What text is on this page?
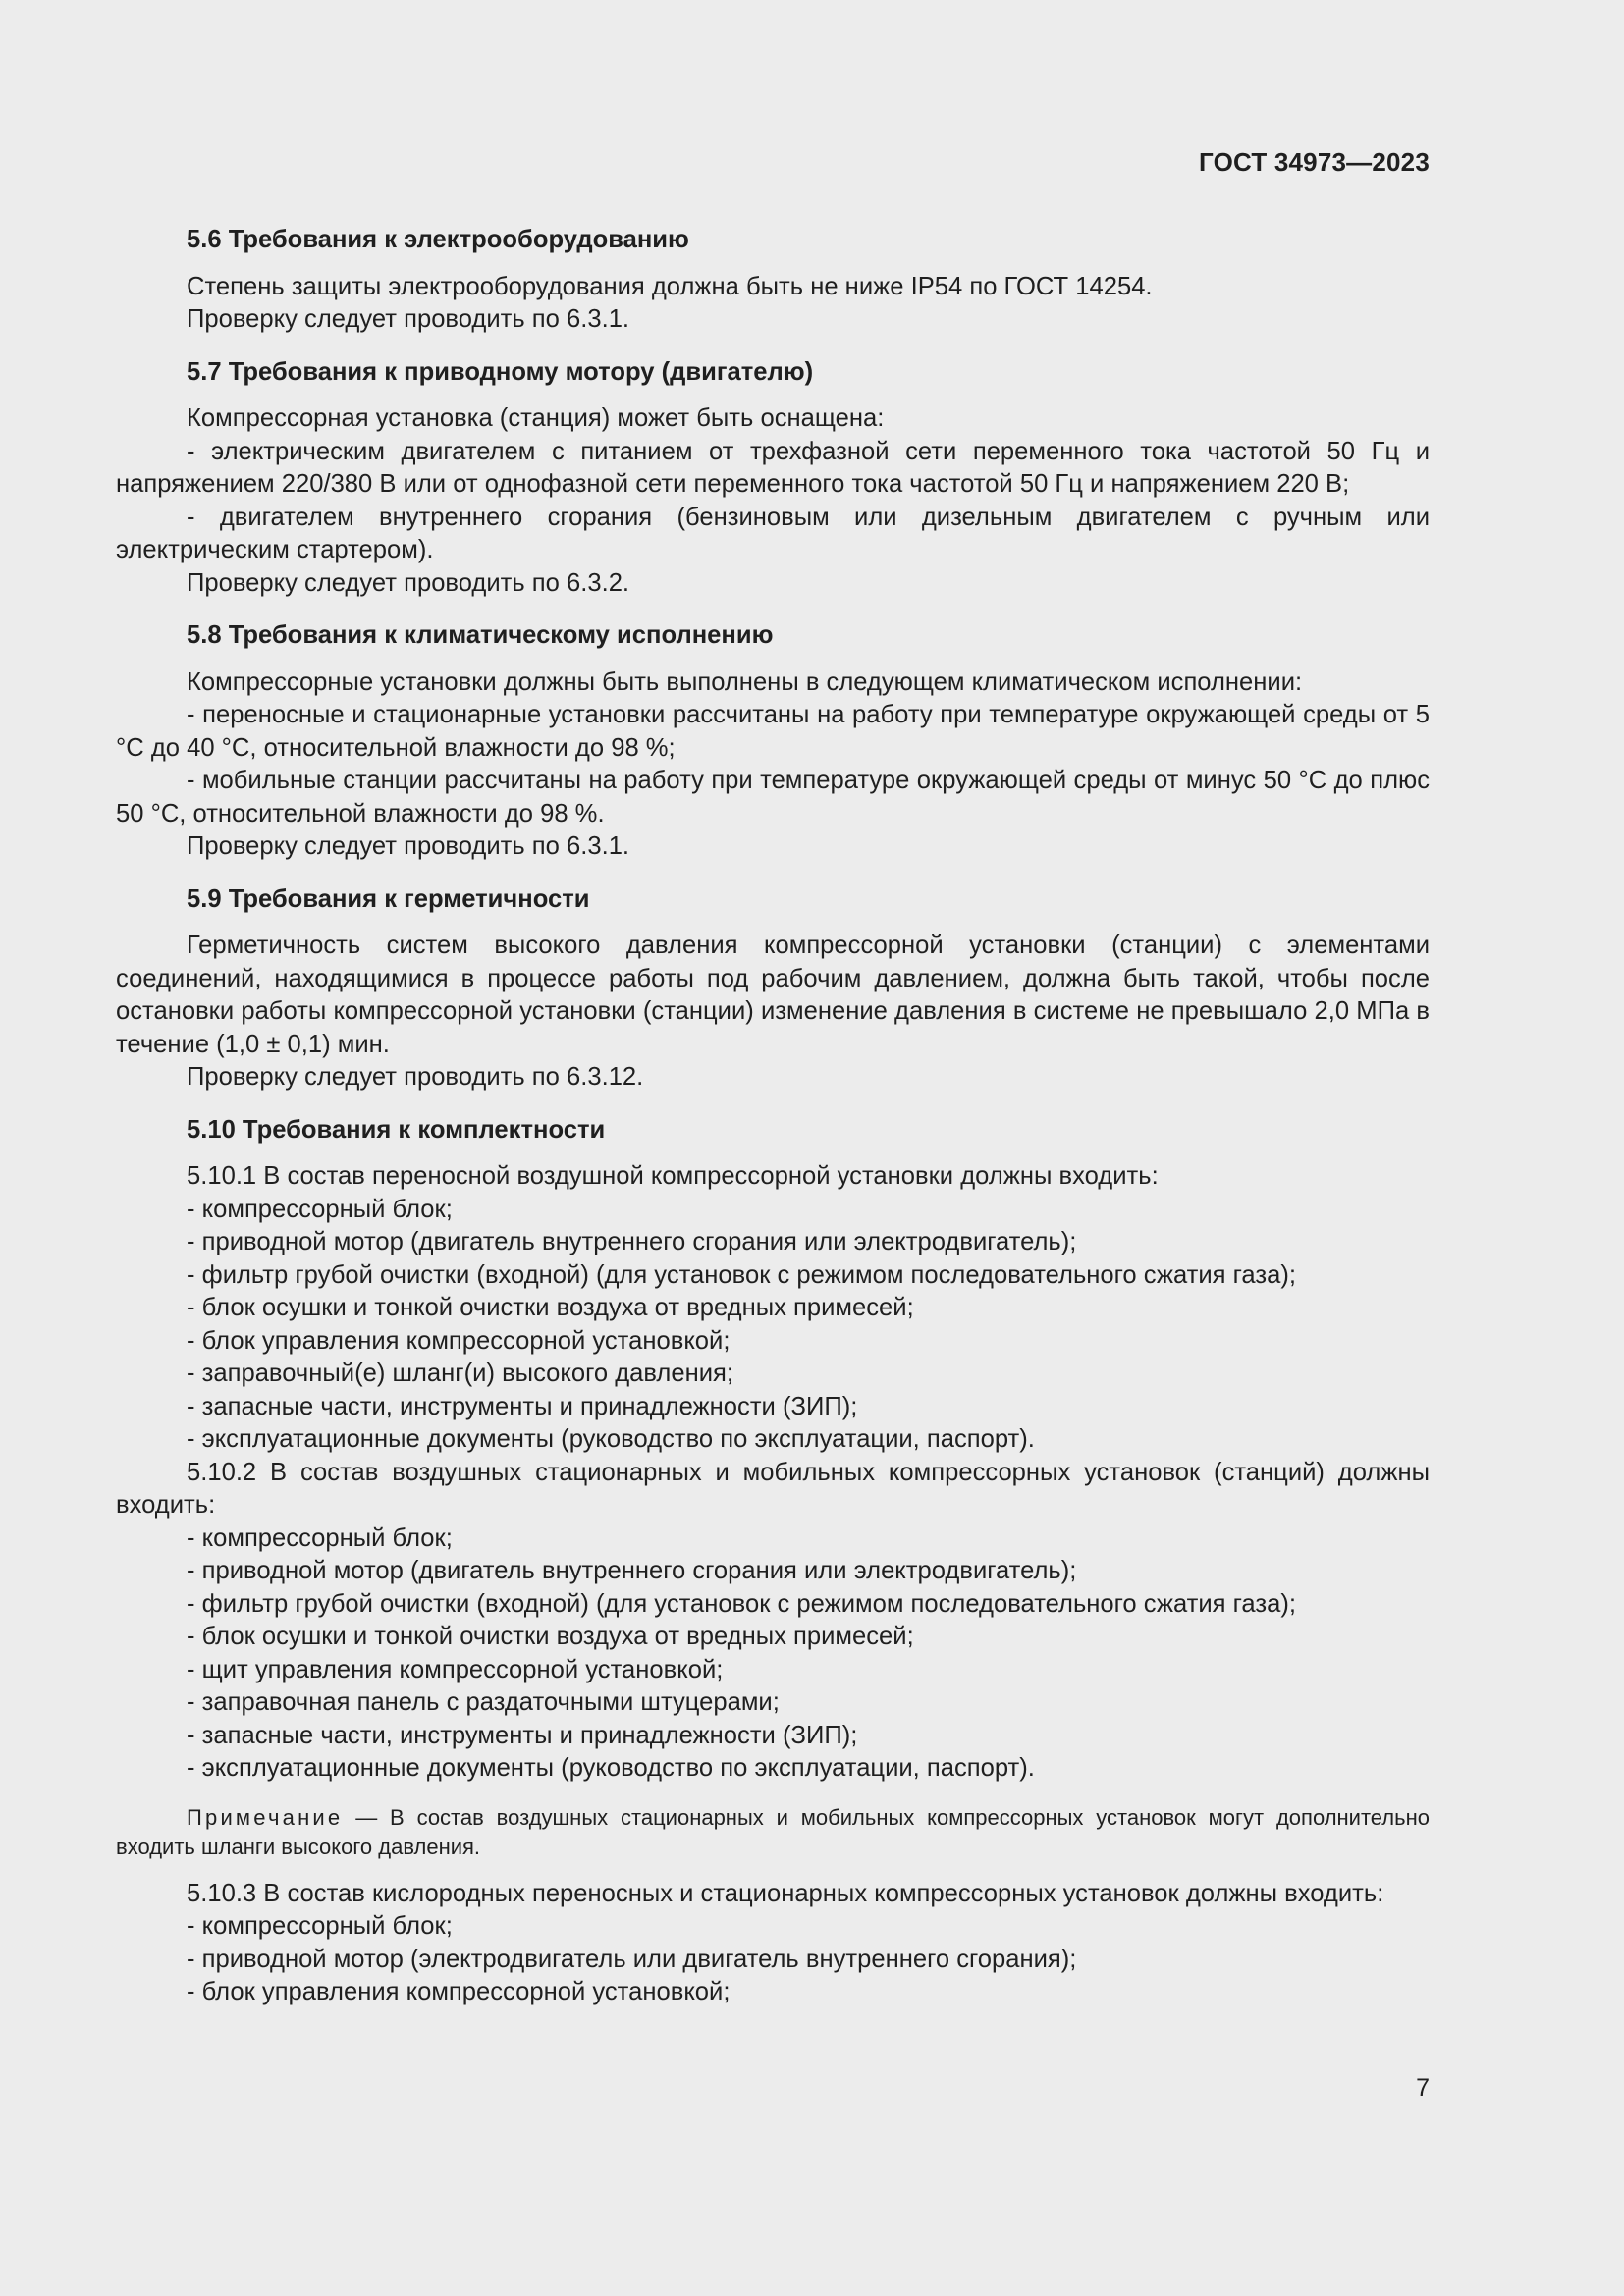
ГОСТ 34973—2023

5.6 Требования к электрооборудованию

Степень защиты электрооборудования должна быть не ниже IP54 по ГОСТ 14254.

Проверку следует проводить по 6.3.1.

5.7 Требования к приводному мотору (двигателю)

Компрессорная установка (станция) может быть оснащена:

- электрическим двигателем с питанием от трехфазной сети переменного тока частотой 50 Гц и напряжением 220/380 В или от однофазной сети переменного тока частотой 50 Гц и напряжением 220 В;

- двигателем внутреннего сгорания (бензиновым или дизельным двигателем с ручным или электрическим стартером).

Проверку следует проводить по 6.3.2.

5.8 Требования к климатическому исполнению

Компрессорные установки должны быть выполнены в следующем климатическом исполнении:

- переносные и стационарные установки рассчитаны на работу при температуре окружающей среды от 5 °С до 40 °С, относительной влажности до 98 %;

- мобильные станции рассчитаны на работу при температуре окружающей среды от минус 50 °С до плюс 50 °С, относительной влажности до 98 %.

Проверку следует проводить по 6.3.1.

5.9 Требования к герметичности

Герметичность систем высокого давления компрессорной установки (станции) с элементами соединений, находящимися в процессе работы под рабочим давлением, должна быть такой, чтобы после остановки работы компрессорной установки (станции) изменение давления в системе не превышало 2,0 МПа в течение (1,0 ± 0,1) мин.

Проверку следует проводить по 6.3.12.

5.10 Требования к комплектности

5.10.1 В состав переносной воздушной компрессорной установки должны входить:

- компрессорный блок;

- приводной мотор (двигатель внутреннего сгорания или электродвигатель);

- фильтр грубой очистки (входной) (для установок с режимом последовательного сжатия газа);

- блок осушки и тонкой очистки воздуха от вредных примесей;

- блок управления компрессорной установкой;

- заправочный(е) шланг(и) высокого давления;

- запасные части, инструменты и принадлежности (ЗИП);

- эксплуатационные документы (руководство по эксплуатации, паспорт).

5.10.2 В состав воздушных стационарных и мобильных компрессорных установок (станций) должны входить:

- компрессорный блок;

- приводной мотор (двигатель внутреннего сгорания или электродвигатель);

- фильтр грубой очистки (входной) (для установок с режимом последовательного сжатия газа);

- блок осушки и тонкой очистки воздуха от вредных примесей;

- щит управления компрессорной установкой;

- заправочная панель с раздаточными штуцерами;

- запасные части, инструменты и принадлежности (ЗИП);

- эксплуатационные документы (руководство по эксплуатации, паспорт).

Примечание — В состав воздушных стационарных и мобильных компрессорных установок могут дополнительно входить шланги высокого давления.

5.10.3 В состав кислородных переносных и стационарных компрессорных установок должны входить:

- компрессорный блок;

- приводной мотор (электродвигатель или двигатель внутреннего сгорания);

- блок управления компрессорной установкой;

7
